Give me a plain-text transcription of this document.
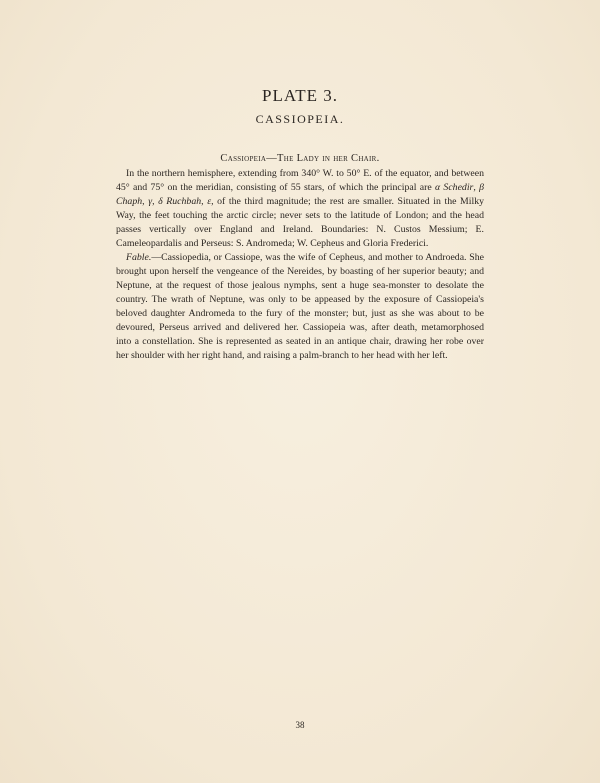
PLATE 3.
CASSIOPEIA.
Cassiopeia—The Lady in her Chair.

In the northern hemisphere, extending from 340° W. to 50° E. of the equator, and between 45° and 75° on the meridian, consisting of 55 stars, of which the principal are α Schedir, β Chaph, γ, δ Ruchbah, ε, of the third magnitude; the rest are smaller. Situated in the Milky Way, the feet touching the arctic circle; never sets to the latitude of London; and the head passes vertically over England and Ireland. Boundaries: N. Custos Messium; E. Cameleopardalis and Perseus: S. Andromeda; W. Cepheus and Gloria Frederici.

Fable.—Cassiopedia, or Cassiope, was the wife of Cepheus, and mother to Androeda. She brought upon herself the vengeance of the Nereides, by boasting of her superior beauty; and Neptune, at the request of those jealous nymphs, sent a huge sea-monster to desolate the country. The wrath of Neptune, was only to be appeased by the exposure of Cassiopeia's beloved daughter Andromeda to the fury of the monster; but, just as she was about to be devoured, Perseus arrived and delivered her. Cassiopeia was, after death, metamorphosed into a constellation. She is represented as seated in an antique chair, drawing her robe over her shoulder with her right hand, and raising a palm-branch to her head with her left.

38
